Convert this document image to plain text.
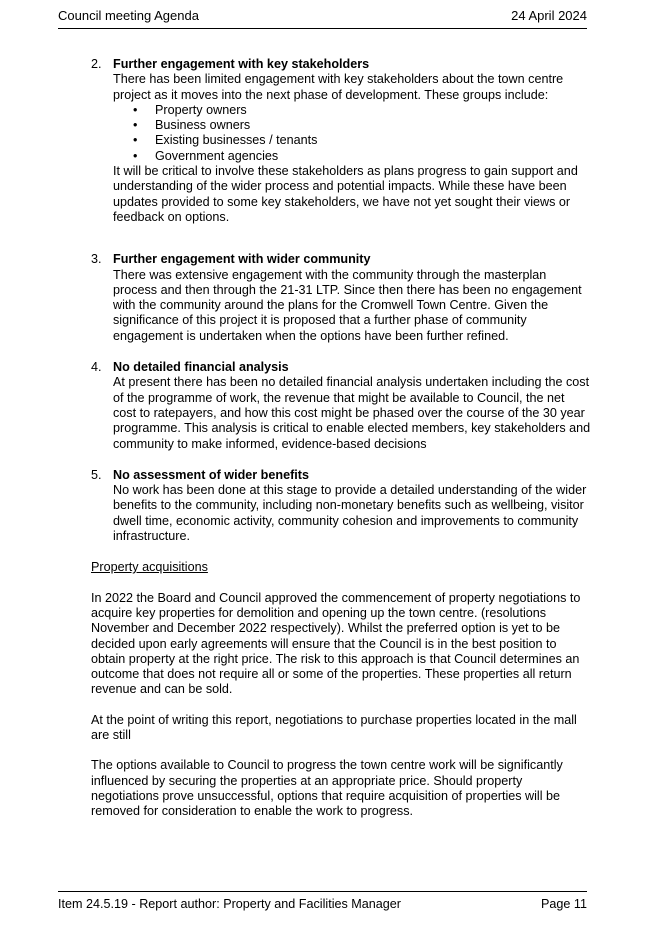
Council meeting Agenda	24 April 2024
2. Further engagement with key stakeholders

There has been limited engagement with key stakeholders about the town centre project as it moves into the next phase of development. These groups include:

• Property owners
• Business owners
• Existing businesses / tenants
• Government agencies

It will be critical to involve these stakeholders as plans progress to gain support and understanding of the wider process and potential impacts. While these have been updates provided to some key stakeholders, we have not yet sought their views or feedback on options.

3. Further engagement with wider community

There was extensive engagement with the community through the masterplan process and then through the 21-31 LTP. Since then there has been no engagement with the community around the plans for the Cromwell Town Centre. Given the significance of this project it is proposed that a further phase of community engagement is undertaken when the options have been further refined.

4. No detailed financial analysis

At present there has been no detailed financial analysis undertaken including the cost of the programme of work, the revenue that might be available to Council, the net cost to ratepayers, and how this cost might be phased over the course of the 30 year programme. This analysis is critical to enable elected members, key stakeholders and community to make informed, evidence-based decisions

5. No assessment of wider benefits

No work has been done at this stage to provide a detailed understanding of the wider benefits to the community, including non-monetary benefits such as wellbeing, visitor dwell time, economic activity, community cohesion and improvements to community infrastructure.

Property acquisitions

In 2022 the Board and Council approved the commencement of property negotiations to acquire key properties for demolition and opening up the town centre. (resolutions November and December 2022 respectively). Whilst the preferred option is yet to be decided upon early agreements will ensure that the Council is in the best position to obtain property at the right price. The risk to this approach is that Council determines an outcome that does not require all or some of the properties. These properties all return revenue and can be sold.

At the point of writing this report, negotiations to purchase properties located in the mall are still

The options available to Council to progress the town centre work will be significantly influenced by securing the properties at an appropriate price. Should property negotiations prove unsuccessful, options that require acquisition of properties will be removed for consideration to enable the work to progress.

Item 24.5.19 - Report author: Property and Facilities Manager	Page 11
